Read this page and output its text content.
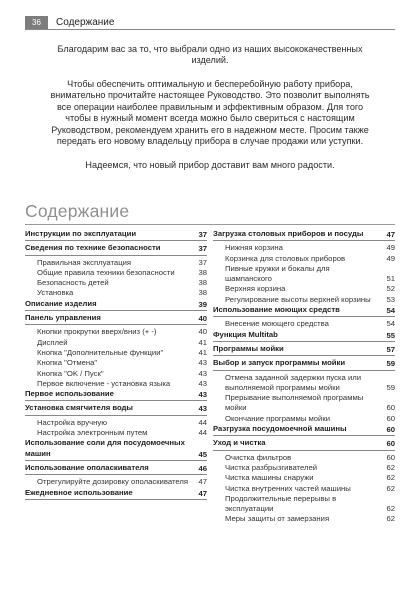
36	Содержание
Благодарим вас за то, что выбрали одно из наших высококачественных изделий.
Чтобы обеспечить оптимальную и бесперебойную работу прибора, внимательно прочитайте настоящее Руководство. Это позволит выполнять все операции наиболее правильным и эффективным образом. Для того чтобы в нужный момент всегда можно было свериться с настоящим Руководством, рекомендуем хранить его в надежном месте. Просим также передать его новому владельцу прибора в случае продажи или уступки.
Надеемся, что новый прибор доставит вам много радости.
Содержание
Инструкции по эксплуатации	37
Сведения по технике безопасности	37
Правильная эксплуатация	37
Общие правила техники безопасности	38
Безопасность детей	38
Установка	38
Описание изделия	39
Панель управления	40
Кнопки прокрутки вверх/вниз (+ -)	40
Дисплей	41
Кнопка "Дополнительные функции"	41
Кнопка "Отмена"	43
Кнопка "OK / Пуск"	43
Первое включение - установка языка	43
Первое использование	43
Установка смягчителя воды	43
Настройка вручную	44
Настройка электронным путем	44
Использование соли для посудомоечных машин	45
Использование ополаскивателя	46
Отрегулируйте дозировку ополаскивателя	47
Ежедневное использование	47
Загрузка столовых приборов и посуды	47
Нижняя корзина	49
Корзинка для столовых приборов	49
Пивные кружки и бокалы для шампанского	51
Верхняя корзина	52
Регулирование высоты верхней корзины	53
Использование моющих средств	54
Внесение моющего средства	54
Функция Multitab	55
Программы мойки	57
Выбор и запуск программы мойки	59
Отмена заданной задержки пуска или выполняемой программы мойки	59
Прерывание выполняемой программы мойки	60
Окончание программы мойки	60
Разгрузка посудомоечной машины	60
Уход и чистка	60
Очистка фильтров	60
Чистка разбрызгивателей	62
Чистка машины снаружи	62
Чистка внутренних частей машины	62
Продолжительные перерывы в эксплуатации	62
Меры защиты от замерзания	62
